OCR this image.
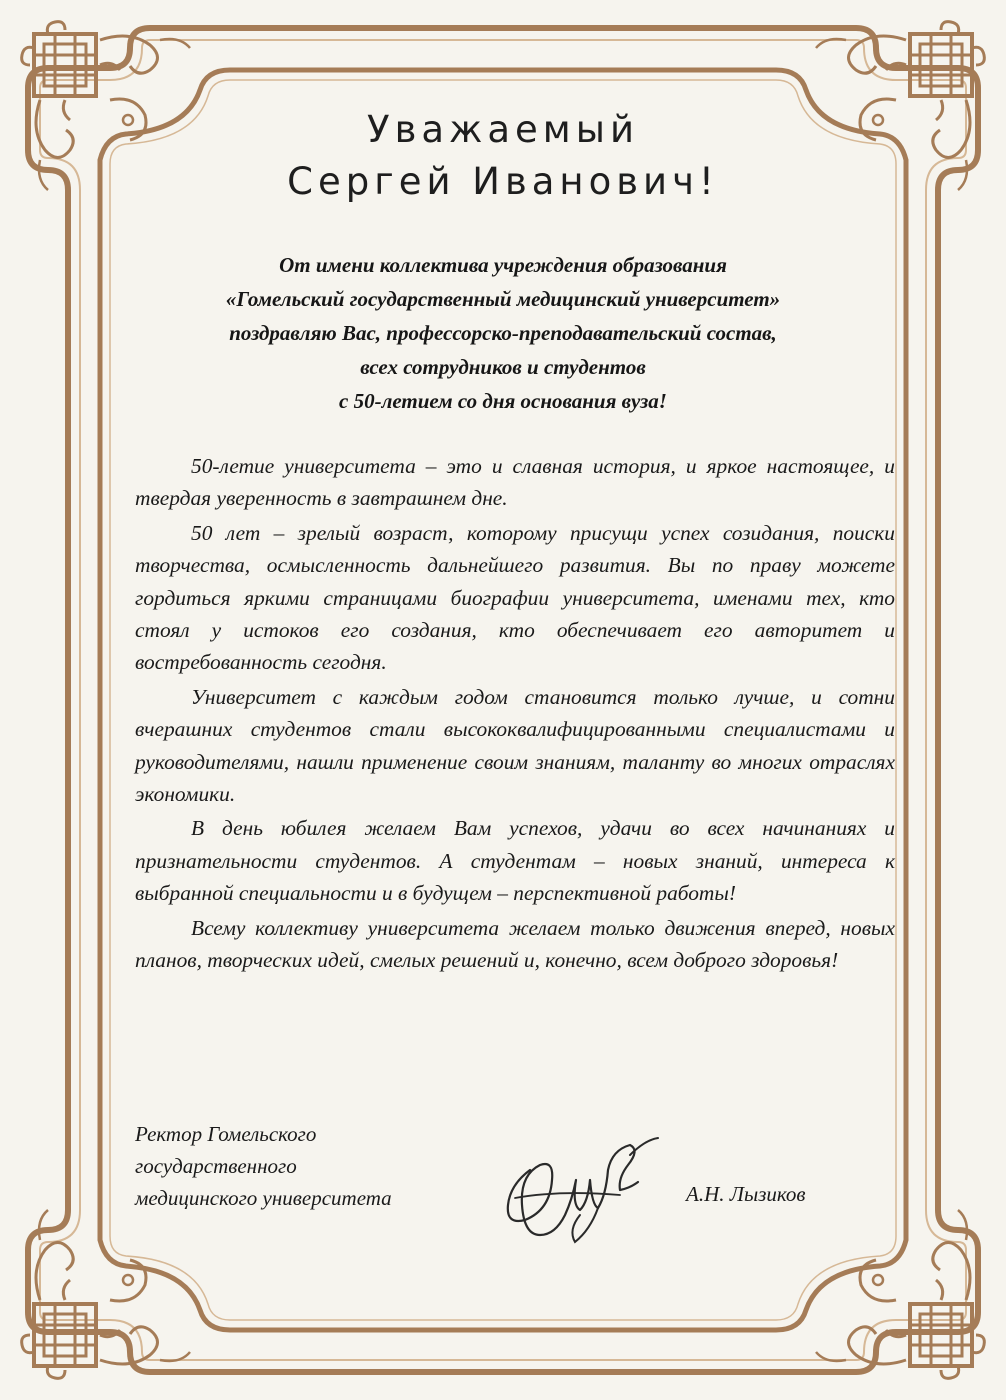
Уважаемый
Сергей Иванович!
От имени коллектива учреждения образования
«Гомельский государственный медицинский университет»
поздравляю Вас, профессорско-преподавательский состав,
всех сотрудников и студентов
с 50-летием со дня основания вуза!

50-летие университета – это и славная история, и яркое настоящее, и твердая уверенность в завтрашнем дне.

50 лет – зрелый возраст, которому присущи успех созидания, поиски творчества, осмысленность дальнейшего развития. Вы по праву можете гордиться яркими страницами биографии университета, именами тех, кто стоял у истоков его создания, кто обеспечивает его авторитет и востребованность сегодня.

Университет с каждым годом становится только лучше, и сотни вчерашних студентов стали высококвалифицированными специалистами и руководителями, нашли применение своим знаниям, таланту во многих отраслях экономики.

В день юбилея желаем Вам успехов, удачи во всех начинаниях и признательности студентов. А студентам – новых знаний, интереса к выбранной специальности и в будущем – перспективной работы!

Всему коллективу университета желаем только движения вперед, новых планов, творческих идей, смелых решений и, конечно, всем доброго здоровья!

Ректор Гомельского
государственного
медицинского университета	А.Н. Лызиков
